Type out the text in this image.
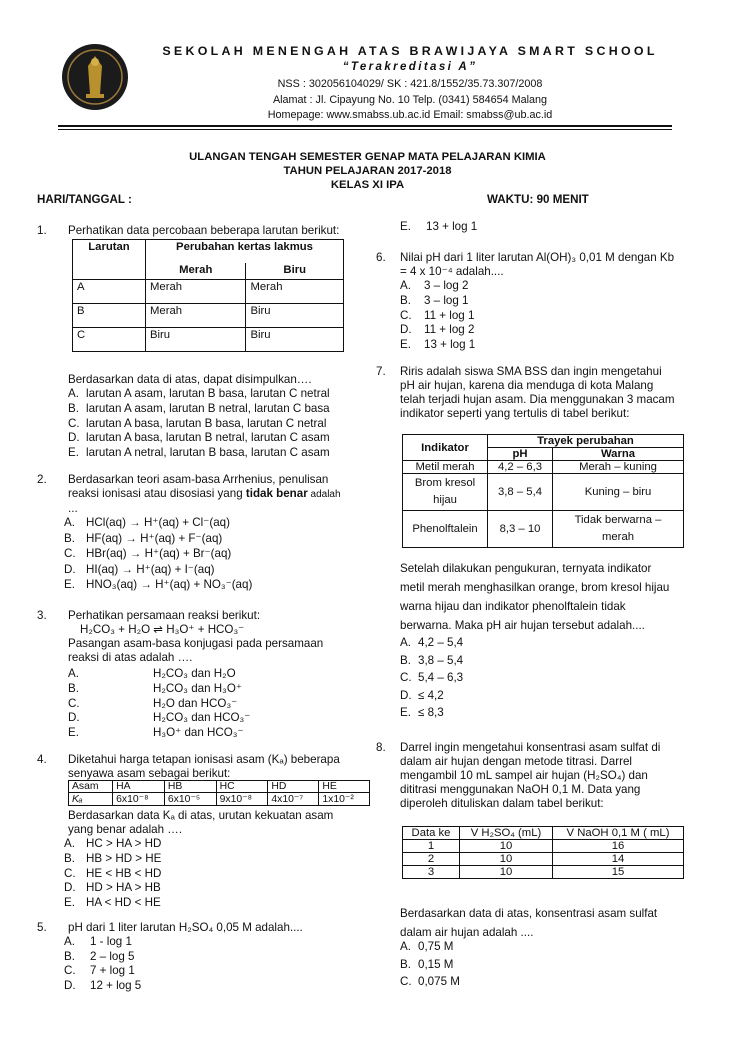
SEKOLAH MENENGAH ATAS BRAWIJAYA SMART SCHOOL
“Terakreditasi A”
NSS : 302056104029/ SK : 421.8/1552/35.73.307/2008
Alamat : Jl. Cipayung No. 10 Telp. (0341) 584654 Malang
Homepage: www.smabss.ub.ac.id Email: smabss@ub.ac.id
ULANGAN TENGAH SEMESTER GENAP MATA PELAJARAN KIMIA
TAHUN PELAJARAN 2017-2018
KELAS XI IPA
HARI/TANGGAL :	WAKTU: 90 MENIT
1. Perhatikan data percobaan beberapa larutan berikut:
Larutan	Perubahan kertas lakmus	
	Merah	Biru
A	Merah	Merah
B	Merah	Biru
C	Biru	Biru
Berdasarkan data di atas, dapat disimpulkan….
A. larutan A asam, larutan B basa, larutan C netral
B. larutan A asam, larutan B netral, larutan C basa
C. larutan A basa, larutan B basa, larutan C netral
D. larutan A basa, larutan B netral, larutan C asam
E. larutan A netral, larutan B basa, larutan C asam
2. Berdasarkan teori asam-basa Arrhenius, penulisan
reaksi ionisasi atau disosiasi yang tidak benar adalah
...
A. HCl(aq) → H⁺(aq) + Cl⁻(aq)
B. HF(aq) → H⁺(aq) + F⁻(aq)
C. HBr(aq) → H⁺(aq) + Br⁻(aq)
D. HI(aq) → H⁺(aq) + I⁻(aq)
E. HNO₃(aq) → H⁺(aq) + NO₃⁻(aq)
3. Perhatikan persamaan reaksi berikut:
H₂CO₃ + H₂O ⇌ H₃O⁺ + HCO₃⁻
Pasangan asam-basa konjugasi pada persamaan
reaksi di atas adalah ….
A.	H₂CO₃ dan H₂O
B.	H₂CO₃ dan H₃O⁺
C.	H₂O dan HCO₃⁻
D.	H₂CO₃ dan HCO₃⁻
E.	H₃O⁺ dan HCO₃⁻
4. Diketahui harga tetapan ionisasi asam (Kₐ) beberapa
senyawa asam sebagai berikut:
Asam	HA	HB	HC	HD	HE
Kₐ	6x10⁻⁸	6x10⁻⁵	9x10⁻⁸	4x10⁻⁷	1x10⁻²
Berdasarkan data Kₐ di atas, urutan kekuatan asam
yang benar adalah ….
A. HC > HA > HD
B. HB > HD > HE
C. HE < HB < HD
D. HD > HA > HB
E. HA < HD < HE
5. pH dari 1 liter larutan H₂SO₄ 0,05 M adalah....
A. 1 - log 1
B. 2 – log 5
C. 7 + log 1
D. 12 + log 5
E. 13 + log 1
6. Nilai pH dari 1 liter larutan Al(OH)₃ 0,01 M dengan Kb
= 4 x 10⁻⁴ adalah....
A. 3 – log 2
B. 3 – log 1
C. 11 + log 1
D. 11 + log 2
E. 13 + log 1
7. Riris adalah siswa SMA BSS dan ingin mengetahui
pH air hujan, karena dia menduga di kota Malang
telah terjadi hujan asam. Dia menggunakan 3 macam
indikator seperti yang tertulis di tabel berikut:
Indikator	Trayek perubahan	
	pH	Warna
Metil merah	4,2 – 6,3	Merah – kuning
Brom kresol hijau	3,8 – 5,4	Kuning – biru
Phenolftalein	8,3 – 10	Tidak berwarna – merah
Setelah dilakukan pengukuran, ternyata indikator
metil merah menghasilkan orange, brom kresol hijau
warna hijau dan indikator phenolftalein tidak
berwarna. Maka pH air hujan tersebut adalah....
A. 4,2 – 5,4
B. 3,8 – 5,4
C. 5,4 – 6,3
D. ≤ 4,2
E. ≤ 8,3
8. Darrel ingin mengetahui konsentrasi asam sulfat di
dalam air hujan dengan metode titrasi. Darrel
mengambil 10 mL sampel air hujan (H₂SO₄) dan
dititrasi menggunakan NaOH 0,1 M. Data yang
diperoleh dituliskan dalam tabel berikut:
Data ke	V H₂SO₄ (mL)	V NaOH 0,1 M ( mL)
1	10	16
2	10	14
3	10	15
Berdasarkan data di atas, konsentrasi asam sulfat
dalam air hujan adalah ....
A. 0,75 M
B. 0,15 M
C. 0,075 M
